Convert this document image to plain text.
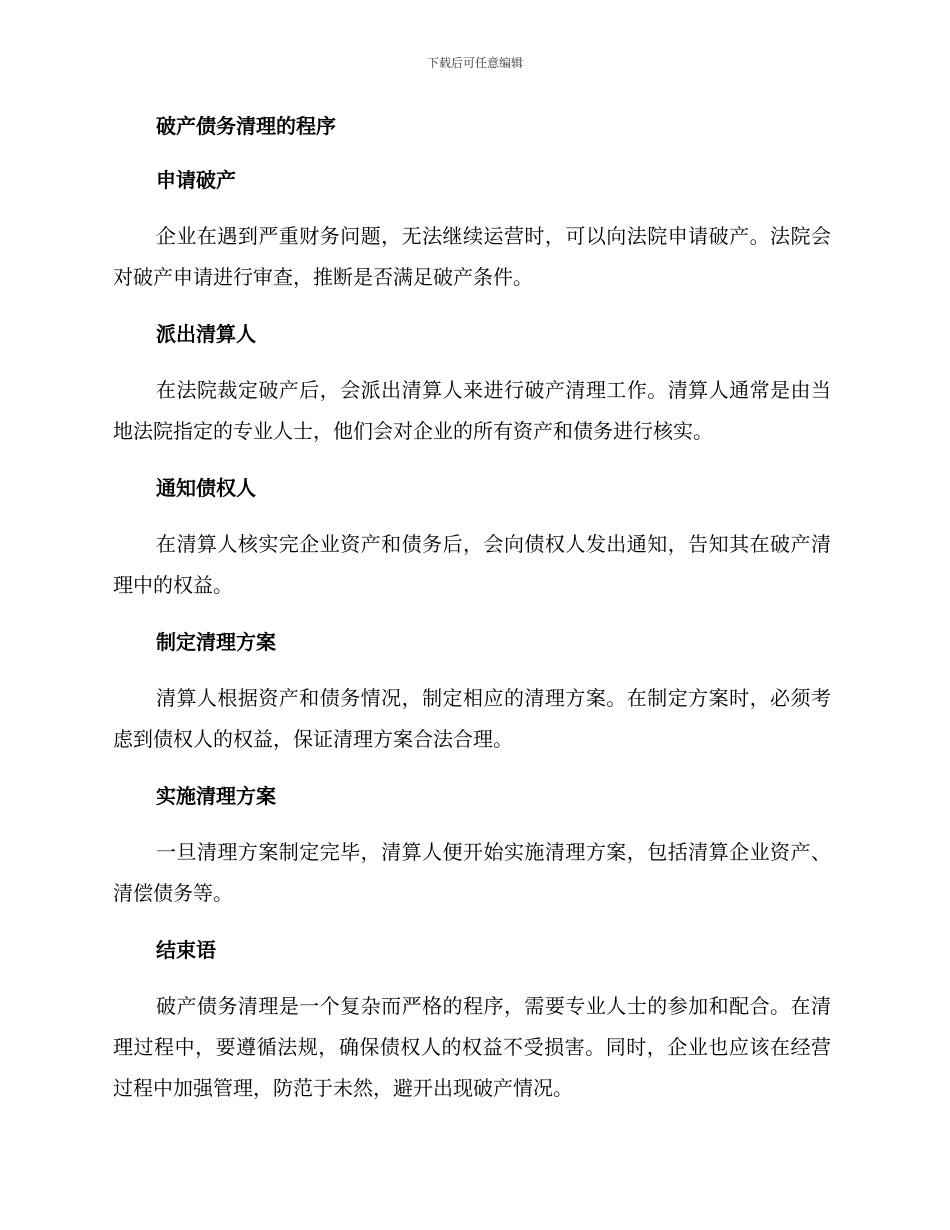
下载后可任意编辑
破产债务清理的程序
申请破产

企业在遇到严重财务问题，无法继续运营时，可以向法院申请破产。法院会对破产申请进行审查，推断是否满足破产条件。

派出清算人

在法院裁定破产后，会派出清算人来进行破产清理工作。清算人通常是由当地法院指定的专业人士，他们会对企业的所有资产和债务进行核实。

通知债权人

在清算人核实完企业资产和债务后，会向债权人发出通知，告知其在破产清理中的权益。

制定清理方案

清算人根据资产和债务情况，制定相应的清理方案。在制定方案时，必须考虑到债权人的权益，保证清理方案合法合理。

实施清理方案

一旦清理方案制定完毕，清算人便开始实施清理方案，包括清算企业资产、清偿债务等。

结束语

破产债务清理是一个复杂而严格的程序，需要专业人士的参加和配合。在清理过程中，要遵循法规，确保债权人的权益不受损害。同时，企业也应该在经营过程中加强管理，防范于未然，避开出现破产情况。
